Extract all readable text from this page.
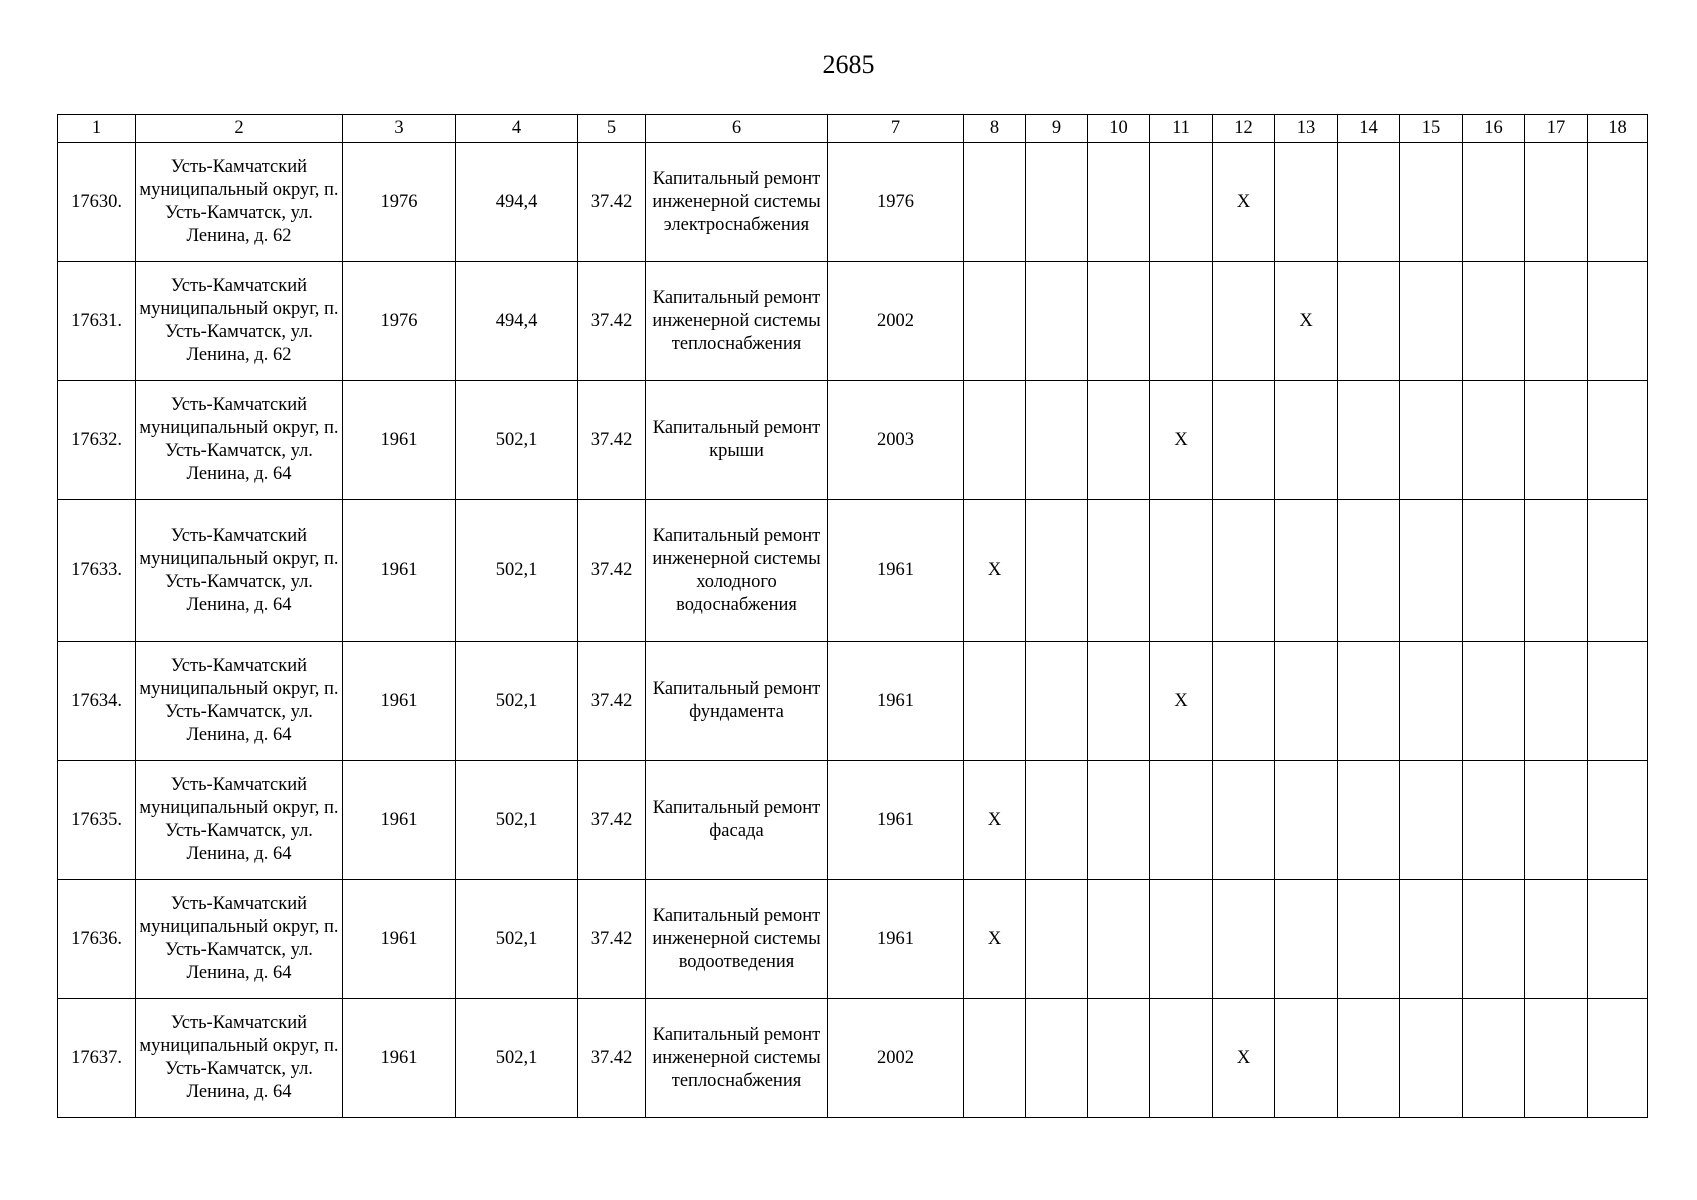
2685
1	2	3	4	5	6	7	8	9	10	11	12	13	14	15	16	17	18
17630.	Усть-Камчатский муниципальный округ, п. Усть-Камчатск, ул. Ленина, д. 62	1976	494,4	37.42	Капитальный ремонт инженерной системы электроснабжения	1976					Х						
17631.	Усть-Камчатский муниципальный округ, п. Усть-Камчатск, ул. Ленина, д. 62	1976	494,4	37.42	Капитальный ремонт инженерной системы теплоснабжения	2002						Х					
17632.	Усть-Камчатский муниципальный округ, п. Усть-Камчатск, ул. Ленина, д. 64	1961	502,1	37.42	Капитальный ремонт крыши	2003				Х							
17633.	Усть-Камчатский муниципальный округ, п. Усть-Камчатск, ул. Ленина, д. 64	1961	502,1	37.42	Капитальный ремонт инженерной системы холодного водоснабжения	1961	Х										
17634.	Усть-Камчатский муниципальный округ, п. Усть-Камчатск, ул. Ленина, д. 64	1961	502,1	37.42	Капитальный ремонт фундамента	1961				Х							
17635.	Усть-Камчатский муниципальный округ, п. Усть-Камчатск, ул. Ленина, д. 64	1961	502,1	37.42	Капитальный ремонт фасада	1961	Х										
17636.	Усть-Камчатский муниципальный округ, п. Усть-Камчатск, ул. Ленина, д. 64	1961	502,1	37.42	Капитальный ремонт инженерной системы водоотведения	1961	Х										
17637.	Усть-Камчатский муниципальный округ, п. Усть-Камчатск, ул. Ленина, д. 64	1961	502,1	37.42	Капитальный ремонт инженерной системы теплоснабжения	2002					Х						
